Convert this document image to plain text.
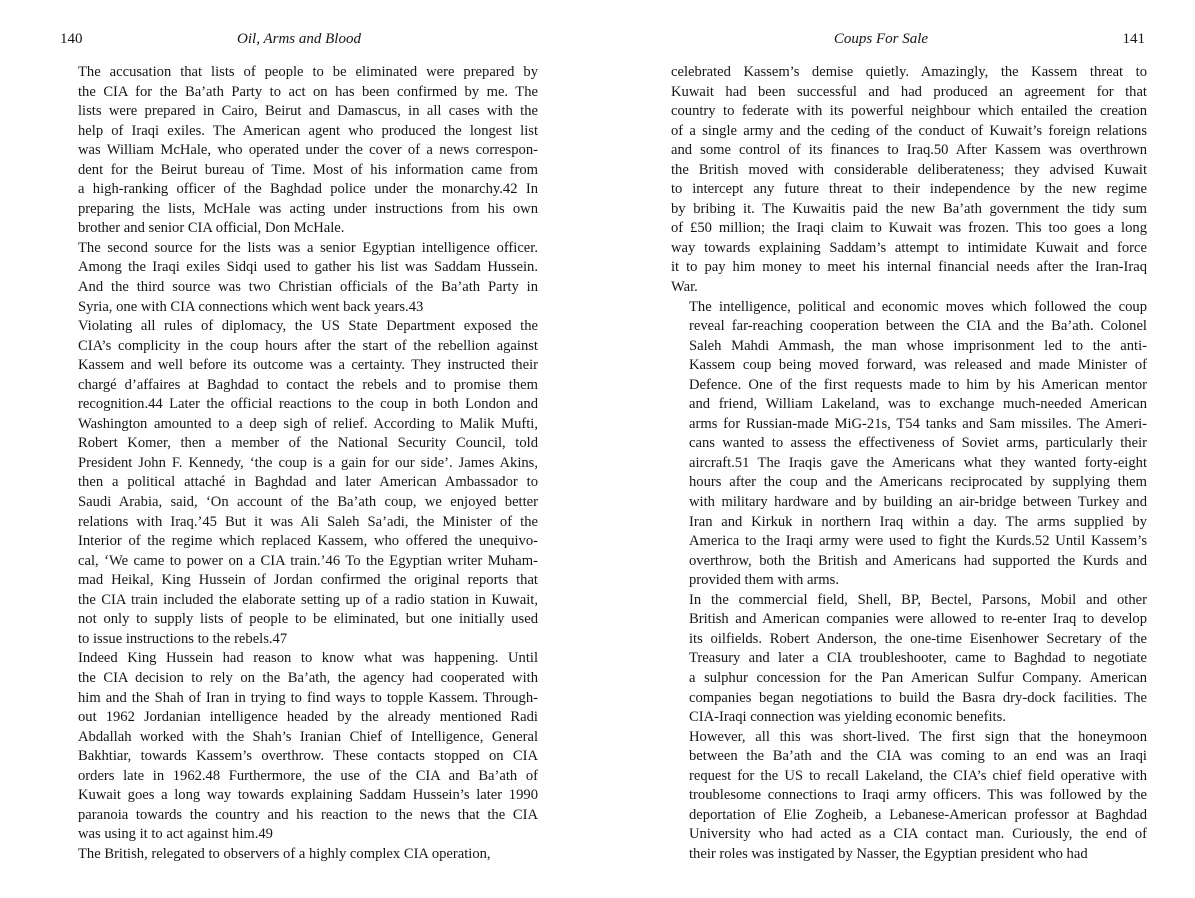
140	Oil, Arms and Blood

The accusation that lists of people to be eliminated were prepared by
the CIA for the Ba’ath Party to act on has been confirmed by me. The
lists were prepared in Cairo, Beirut and Damascus, in all cases with the
help of Iraqi exiles. The American agent who produced the longest list
was William McHale, who operated under the cover of a news correspon-
dent for the Beirut bureau of Time. Most of his information came from
a high-ranking officer of the Baghdad police under the monarchy.42 In
preparing the lists, McHale was acting under instructions from his own
brother and senior CIA official, Don McHale.

The second source for the lists was a senior Egyptian intelligence officer.
Among the Iraqi exiles Sidqi used to gather his list was Saddam Hussein.
And the third source was two Christian officials of the Ba’ath Party in
Syria, one with CIA connections which went back years.43

Violating all rules of diplomacy, the US State Department exposed the
CIA’s complicity in the coup hours after the start of the rebellion against
Kassem and well before its outcome was a certainty. They instructed their
chargé d’affaires at Baghdad to contact the rebels and to promise them
recognition.44 Later the official reactions to the coup in both London and
Washington amounted to a deep sigh of relief. According to Malik Mufti,
Robert Komer, then a member of the National Security Council, told
President John F. Kennedy, ‘the coup is a gain for our side’. James Akins,
then a political attaché in Baghdad and later American Ambassador to
Saudi Arabia, said, ‘On account of the Ba’ath coup, we enjoyed better
relations with Iraq.’45 But it was Ali Saleh Sa’adi, the Minister of the
Interior of the regime which replaced Kassem, who offered the unequivo-
cal, ‘We came to power on a CIA train.’46 To the Egyptian writer Muham-
mad Heikal, King Hussein of Jordan confirmed the original reports that
the CIA train included the elaborate setting up of a radio station in Kuwait,
not only to supply lists of people to be eliminated, but one initially used
to issue instructions to the rebels.47

Indeed King Hussein had reason to know what was happening. Until
the CIA decision to rely on the Ba’ath, the agency had cooperated with
him and the Shah of Iran in trying to find ways to topple Kassem. Through-
out 1962 Jordanian intelligence headed by the already mentioned Radi
Abdallah worked with the Shah’s Iranian Chief of Intelligence, General
Bakhtiar, towards Kassem’s overthrow. These contacts stopped on CIA
orders late in 1962.48 Furthermore, the use of the CIA and Ba’ath of
Kuwait goes a long way towards explaining Saddam Hussein’s later 1990
paranoia towards the country and his reaction to the news that the CIA
was using it to act against him.49

The British, relegated to observers of a highly complex CIA operation,

Coups For Sale	141

celebrated Kassem’s demise quietly. Amazingly, the Kassem threat to
Kuwait had been successful and had produced an agreement for that
country to federate with its powerful neighbour which entailed the creation
of a single army and the ceding of the conduct of Kuwait’s foreign relations
and some control of its finances to Iraq.50 After Kassem was overthrown
the British moved with considerable deliberateness; they advised Kuwait
to intercept any future threat to their independence by the new regime
by bribing it. The Kuwaitis paid the new Ba’ath government the tidy sum
of £50 million; the Iraqi claim to Kuwait was frozen. This too goes a long
way towards explaining Saddam’s attempt to intimidate Kuwait and force
it to pay him money to meet his internal financial needs after the Iran-Iraq
War.

The intelligence, political and economic moves which followed the coup
reveal far-reaching cooperation between the CIA and the Ba’ath. Colonel
Saleh Mahdi Ammash, the man whose imprisonment led to the anti-
Kassem coup being moved forward, was released and made Minister of
Defence. One of the first requests made to him by his American mentor
and friend, William Lakeland, was to exchange much-needed American
arms for Russian-made MiG-21s, T54 tanks and Sam missiles. The Ameri-
cans wanted to assess the effectiveness of Soviet arms, particularly their
aircraft.51 The Iraqis gave the Americans what they wanted forty-eight
hours after the coup and the Americans reciprocated by supplying them
with military hardware and by building an air-bridge between Turkey and
Iran and Kirkuk in northern Iraq within a day. The arms supplied by
America to the Iraqi army were used to fight the Kurds.52 Until Kassem’s
overthrow, both the British and Americans had supported the Kurds and
provided them with arms.

In the commercial field, Shell, BP, Bectel, Parsons, Mobil and other
British and American companies were allowed to re-enter Iraq to develop
its oilfields. Robert Anderson, the one-time Eisenhower Secretary of the
Treasury and later a CIA troubleshooter, came to Baghdad to negotiate
a sulphur concession for the Pan American Sulfur Company. American
companies began negotiations to build the Basra dry-dock facilities. The
CIA-Iraqi connection was yielding economic benefits.

However, all this was short-lived. The first sign that the honeymoon
between the Ba’ath and the CIA was coming to an end was an Iraqi
request for the US to recall Lakeland, the CIA’s chief field operative with
troublesome connections to Iraqi army officers. This was followed by the
deportation of Elie Zogheib, a Lebanese-American professor at Baghdad
University who had acted as a CIA contact man. Curiously, the end of
their roles was instigated by Nasser, the Egyptian president who had
